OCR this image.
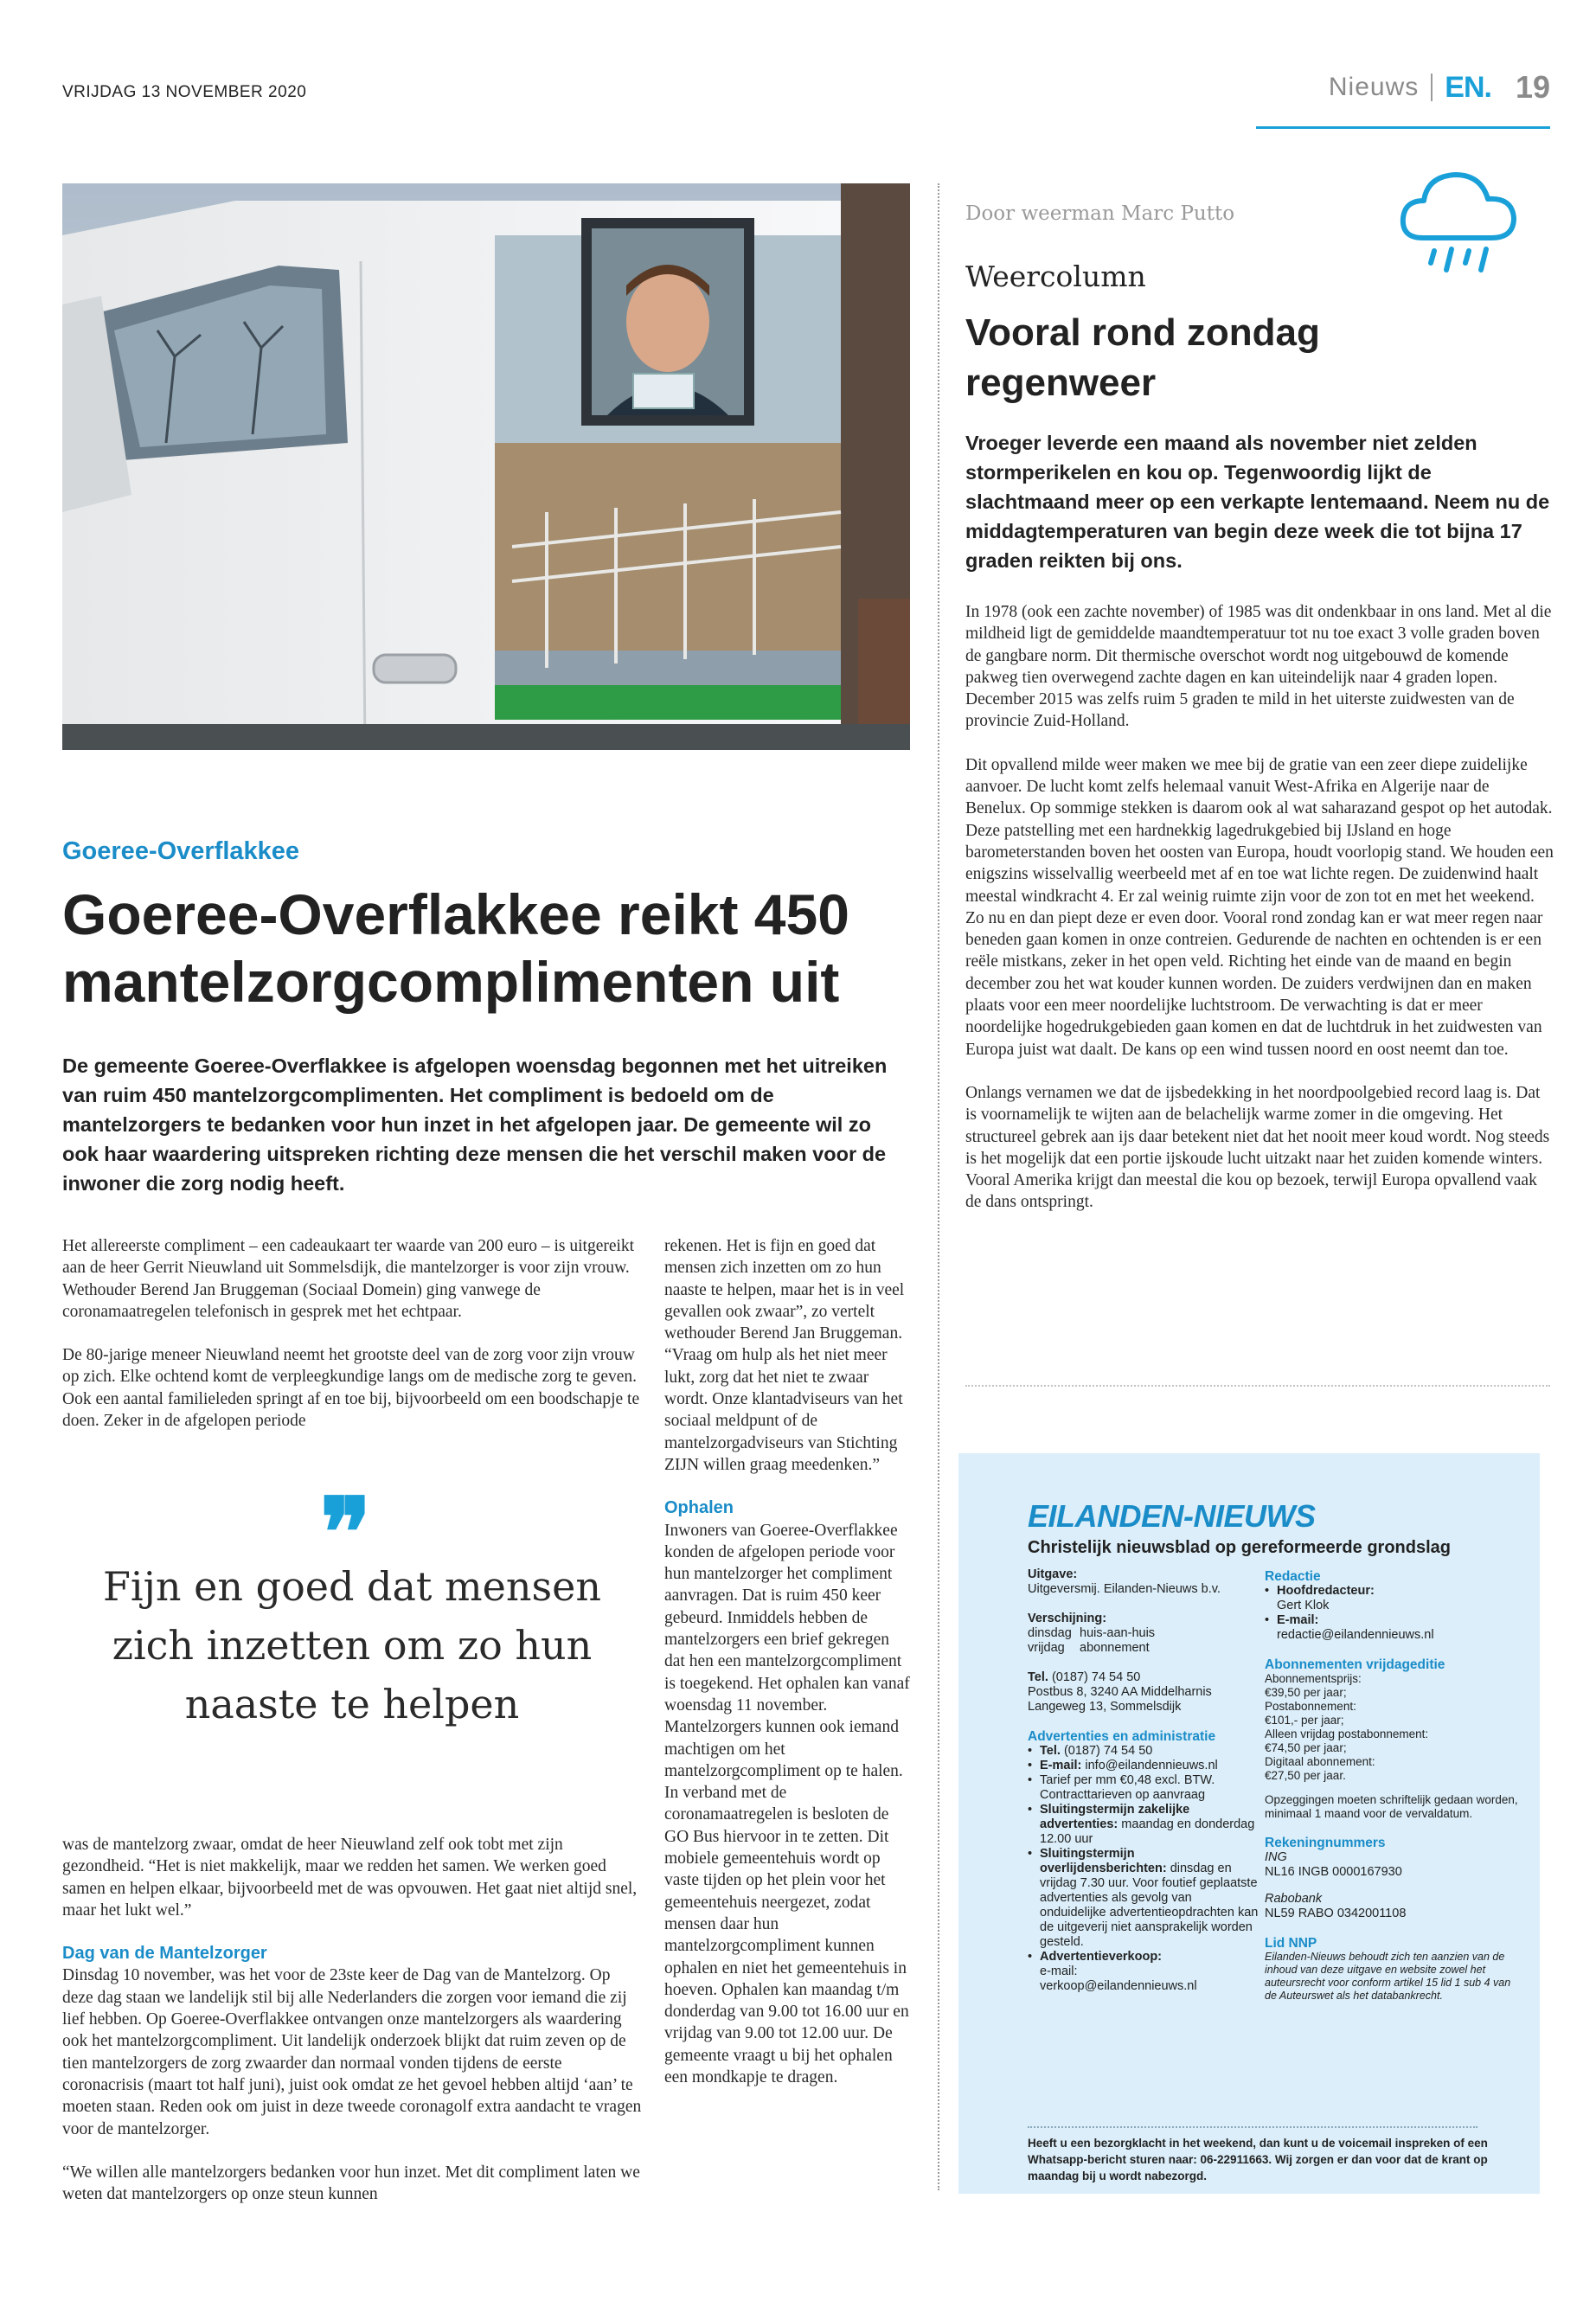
VRIJDAG 13 NOVEMBER 2020	Nieuws EN. 19
Goeree-Overflakkee
Goeree-Overflakkee reikt 450 mantelzorgcomplimenten uit
De gemeente Goeree-Overflakkee is afgelopen woensdag begonnen met het uitreiken van ruim 450 mantelzorgcomplimenten. Het compliment is bedoeld om de mantelzorgers te bedanken voor hun inzet in het afgelopen jaar. De gemeente wil zo ook haar waardering uitspreken richting deze mensen die het verschil maken voor de inwoner die zorg nodig heeft.

Het allereerste compliment – een cadeaukaart ter waarde van 200 euro – is uitgereikt aan de heer Gerrit Nieuwland uit Sommelsdijk, die mantelzorger is voor zijn vrouw. Wethouder Berend Jan Bruggeman (Sociaal Domein) ging vanwege de coronamaatregelen telefonisch in gesprek met het echtpaar.

De 80-jarige meneer Nieuwland neemt het grootste deel van de zorg voor zijn vrouw op zich. Elke ochtend komt de verpleegkundige langs om de medische zorg te geven. Ook een aantal familieleden springt af en toe bij, bijvoorbeeld om een boodschapje te doen. Zeker in de afgelopen periode

❞
Fijn en goed dat mensen zich inzetten om zo hun naaste te helpen

was de mantelzorg zwaar, omdat de heer Nieuwland zelf ook tobt met zijn gezondheid. “Het is niet makkelijk, maar we redden het samen. We werken goed samen en helpen elkaar, bijvoorbeeld met de was opvouwen. Het gaat niet altijd snel, maar het lukt wel.”

Dag van de Mantelzorger

Dinsdag 10 november, was het voor de 23ste keer de Dag van de Mantelzorg. Op deze dag staan we landelijk stil bij alle Nederlanders die zorgen voor iemand die zij lief hebben. Op Goeree-Overflakkee ontvangen onze mantelzorgers als waardering ook het mantelzorgcompliment. Uit landelijk onderzoek blijkt dat ruim zeven op de tien mantelzorgers de zorg zwaarder dan normaal vonden tijdens de eerste coronacrisis (maart tot half juni), juist ook omdat ze het gevoel hebben altijd ‘aan’ te moeten staan. Reden ook om juist in deze tweede coronagolf extra aandacht te vragen voor de mantelzorger.

“We willen alle mantelzorgers bedanken voor hun inzet. Met dit compliment laten we weten dat mantelzorgers op onze steun kunnen

rekenen. Het is fijn en goed dat mensen zich inzetten om zo hun naaste te helpen, maar het is in veel gevallen ook zwaar”, zo vertelt wethouder Berend Jan Bruggeman. “Vraag om hulp als het niet meer lukt, zorg dat het niet te zwaar wordt. Onze klantadviseurs van het sociaal meldpunt of de mantelzorgadviseurs van Stichting ZIJN willen graag meedenken.”

Ophalen

Inwoners van Goeree-Overflakkee konden de afgelopen periode voor hun mantelzorger het compliment aanvragen. Dat is ruim 450 keer gebeurd. Inmiddels hebben de mantelzorgers een brief gekregen dat hen een mantelzorgcompliment is toegekend. Het ophalen kan vanaf woensdag 11 november. Mantelzorgers kunnen ook iemand machtigen om het mantelzorgcompliment op te halen. In verband met de coronamaatregelen is besloten de GO Bus hiervoor in te zetten. Dit mobiele gemeentehuis wordt op vaste tijden op het plein voor het gemeentehuis neergezet, zodat mensen daar hun mantelzorgcompliment kunnen ophalen en niet het gemeentehuis in hoeven. Ophalen kan maandag t/m donderdag van 9.00 tot 16.00 uur en vrijdag van 9.00 tot 12.00 uur. De gemeente vraagt u bij het ophalen een mondkapje te dragen.

Door weerman Marc Putto
Weercolumn
Vooral rond zondag regenweer
Vroeger leverde een maand als november niet zelden stormperikelen en kou op. Tegenwoordig lijkt de slachtmaand meer op een verkapte lentemaand. Neem nu de middagtemperaturen van begin deze week die tot bijna 17 graden reikten bij ons.

In 1978 (ook een zachte november) of 1985 was dit ondenkbaar in ons land. Met al die mildheid ligt de gemiddelde maandtemperatuur tot nu toe exact 3 volle graden boven de gangbare norm. Dit thermische overschot wordt nog uitgebouwd de komende pakweg tien overwegend zachte dagen en kan uiteindelijk naar 4 graden lopen. December 2015 was zelfs ruim 5 graden te mild in het uiterste zuidwesten van de provincie Zuid-Holland.

Dit opvallend milde weer maken we mee bij de gratie van een zeer diepe zuidelijke aanvoer. De lucht komt zelfs helemaal vanuit West-Afrika en Algerije naar de Benelux. Op sommige stekken is daarom ook al wat saharazand gespot op het autodak. Deze patstelling met een hardnekkig lagedrukgebied bij IJsland en hoge barometerstanden boven het oosten van Europa, houdt voorlopig stand. We houden een enigszins wisselvallig weerbeeld met af en toe wat lichte regen. De zuidenwind haalt meestal windkracht 4. Er zal weinig ruimte zijn voor de zon tot en met het weekend. Zo nu en dan piept deze er even door. Vooral rond zondag kan er wat meer regen naar beneden gaan komen in onze contreien. Gedurende de nachten en ochtenden is er een reële mistkans, zeker in het open veld. Richting het einde van de maand en begin december zou het wat kouder kunnen worden. De zuiders verdwijnen dan en maken plaats voor een meer noordelijke luchtstroom. De verwachting is dat er meer noordelijke hogedrukgebieden gaan komen en dat de luchtdruk in het zuidwesten van Europa juist wat daalt. De kans op een wind tussen noord en oost neemt dan toe.

Onlangs vernamen we dat de ijsbedekking in het noordpoolgebied record laag is. Dat is voornamelijk te wijten aan de belachelijk warme zomer in die omgeving. Het structureel gebrek aan ijs daar betekent niet dat het nooit meer koud wordt. Nog steeds is het mogelijk dat een portie ijskoude lucht uitzakt naar het zuiden komende winters. Vooral Amerika krijgt dan meestal die kou op bezoek, terwijl Europa opvallend vaak de dans ontspringt.

EILANDEN-NIEUWS
Christelijk nieuwsblad op gereformeerde grondslag
Uitgave:
Uitgeversmij. Eilanden-Nieuws b.v.
Verschijning:
dinsdag huis-aan-huis
vrijdag	abonnement
Tel. (0187) 74 54 50
Postbus 8, 3240 AA Middelharnis
Langeweg 13, Sommelsdijk
Advertenties en administratie
• Tel. (0187) 74 54 50
• E-mail: info@eilandennieuws.nl
• Tarief per mm €0,48 excl. BTW. Contracttarieven op aanvraag
• Sluitingstermijn zakelijke advertenties: maandag en donderdag 12.00 uur
• Sluitingstermijn overlijdensberichten: dinsdag en vrijdag 7.30 uur. Voor foutief geplaatste advertenties als gevolg van onduidelijke advertentieopdrachten kan de uitgeverij niet aansprakelijk worden gesteld.
• Advertentieverkoop:
e-mail:
verkoop@eilandennieuws.nl
Redactie
• Hoofdredacteur:
Gert Klok
• E-mail:
redactie@eilandennieuws.nl
Abonnementen vrijdageditie
Abonnementsprijs:
€39,50 per jaar;
Postabonnement:
€101,- per jaar;
Alleen vrijdag postabonnement:
€74,50 per jaar;
Digitaal abonnement:
€27,50 per jaar.
Opzeggingen moeten schriftelijk gedaan worden, minimaal 1 maand voor de vervaldatum.
Rekeningnummers
ING
NL16 INGB 0000167930
Rabobank
NL59 RABO 0342001108
Lid NNP
Eilanden-Nieuws behoudt zich ten aanzien van de inhoud van deze uitgave en website zowel het auteursrecht voor conform artikel 15 lid 1 sub 4 van de Auteurswet als het databankrecht.
Heeft u een bezorgklacht in het weekend, dan kunt u de voicemail inspreken of een Whatsapp-bericht sturen naar: 06-22911663. Wij zorgen er dan voor dat de krant op maandag bij u wordt nabezorgd.
